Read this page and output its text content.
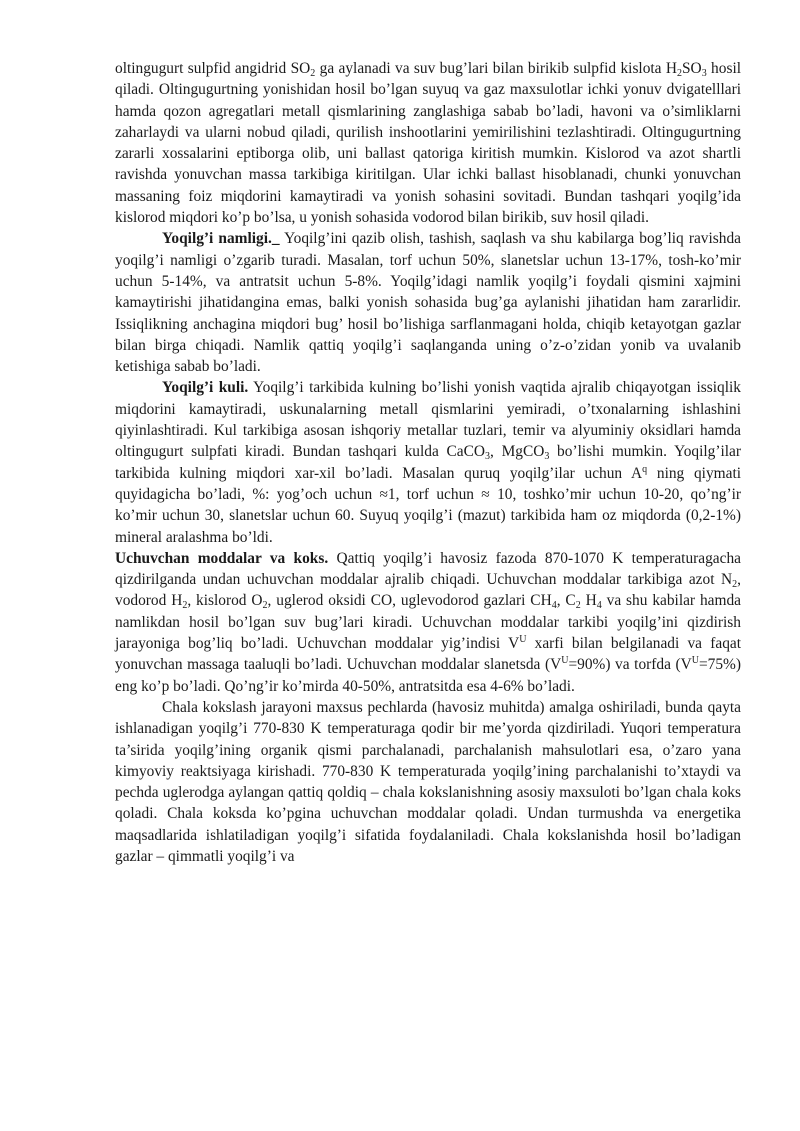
oltingugurt sulpfid angidrid $SO_2$ ga aylanadi va suv bug’lari bilan birikib sulpfid kislota $H_2SO_3$ hosil qiladi. Oltingugurtning yonishidan hosil bo’lgan suyuq va gaz maxsulotlar ichki yonuv dvigatelllari hamda qozon agregatlari metall qismlarining zanglashiga sabab bo’ladi, havoni va o’simliklarni zaharlaydi va ularni nobud qiladi, qurilish inshootlarini yemirilishini tezlashtiradi. Oltingugurtning zararli xossalarini eptiborga olib, uni ballast qatoriga kiritish mumkin. Kislorod va azot shartli ravishda yonuvchan massa tarkibiga kiritilgan. Ular ichki ballast hisoblanadi, chunki yonuvchan massaning foiz miqdorini kamaytiradi va yonish sohasini sovitadi. Bundan tashqari yoqilg’ida kislorod miqdori ko’p bo’lsa, u yonish sohasida vodorod bilan birikib, suv hosil qiladi.

Yoqilg’i namligi._ Yoqilg’ini qazib olish, tashish, saqlash va shu kabilarga bog’liq ravishda yoqilg’i namligi o’zgarib turadi. Masalan, torf uchun 50%, slanetslar uchun 13-17%, tosh-ko’mir uchun 5-14%, va antratsit uchun 5-8%. Yoqilg’idagi namlik yoqilg’i foydali qismini xajmini kamaytirishi jihatidangina emas, balki yonish sohasida bug’ga aylanishi jihatidan ham zararlidir. Issiqlikning anchagina miqdori bug’ hosil bo’lishiga sarflanmagani holda, chiqib ketayotgan gazlar bilan birga chiqadi. Namlik qattiq yoqilg’i saqlanganda uning o’z-o’zidan yonib va uvalanib ketishiga sabab bo’ladi.

Yoqilg’i kuli. Yoqilg’i tarkibida kulning bo’lishi yonish vaqtida ajralib chiqayotgan issiqlik miqdorini kamaytiradi, uskunalarning metall qismlarini yemiradi, o’txonalarning ishlashini qiyinlashtiradi. Kul tarkibiga asosan ishqoriy metallar tuzlari, temir va alyuminiy oksidlari hamda oltingugurt sulpfati kiradi. Bundan tashqari kulda CaCO$_3$, MgCO$_3$ bo’lishi mumkin. Yoqilg’ilar tarkibida kulning miqdori xar-xil bo’ladi. Masalan quruq yoqilg’ilar uchun $A^q$ ning qiymati quyidagicha bo’ladi, %: yog’och uchun ≈1, torf uchun ≈ 10, toshko’mir uchun 10-20, qo’ng’ir ko’mir uchun 30, slanetslar uchun 60. Suyuq yoqilg’i (mazut) tarkibida ham oz miqdorda (0,2-1%) mineral aralashma bo’ldi.

Uchuvchan moddalar va koks. Qattiq yoqilg’i havosiz fazoda 870-1070 K temperaturagacha qizdirilganda undan uchuvchan moddalar ajralib chiqadi. Uchuvchan moddalar tarkibiga azot $N_2$, vodorod $H_2$, kislorod $O_2$, uglerod oksidi CO, uglevodorod gazlari $CH_4$, $C_2$ $H_4$ va shu kabilar hamda namlikdan hosil bo’lgan suv bug’lari kiradi. Uchuvchan moddalar tarkibi yoqilg’ini qizdirish jarayoniga bog’liq bo’ladi. Uchuvchan moddalar yig’indisi $V^U$ xarfi bilan belgilanadi va faqat yonuvchan massaga taaluqli bo’ladi. Uchuvchan moddalar slanetsda $(V^U=90\%)$ va torfda $(V^U=75\%)$ eng ko’p bo’ladi. Qo’ng’ir ko’mirda 40-50%, antratsitda esa 4-6% bo’ladi.

Chala kokslash jarayoni maxsus pechlarda (havosiz muhitda) amalga oshiriladi, bunda qayta ishlanadigan yoqilg’i 770-830 K temperaturaga qodir bir me’yorda qizdiriladi. Yuqori temperatura ta’sirida yoqilg’ining organik qismi parchalanadi, parchalanish mahsulotlari esa, o’zaro yana kimyoviy reaktsiyaga kirishadi. 770-830 K temperaturada yoqilg’ining parchalanishi to’xtaydi va pechda uglerodga aylangan qattiq qoldiq – chala kokslanishning asosiy maxsuloti bo’lgan chala koks qoladi. Chala koksda ko’pgina uchuvchan moddalar qoladi. Undan turmushda va energetika maqsadlarida ishlatiladigan yoqilg’i sifatida foydalaniladi. Chala kokslanishda hosil bo’ladigan gazlar – qimmatli yoqilg’i va
